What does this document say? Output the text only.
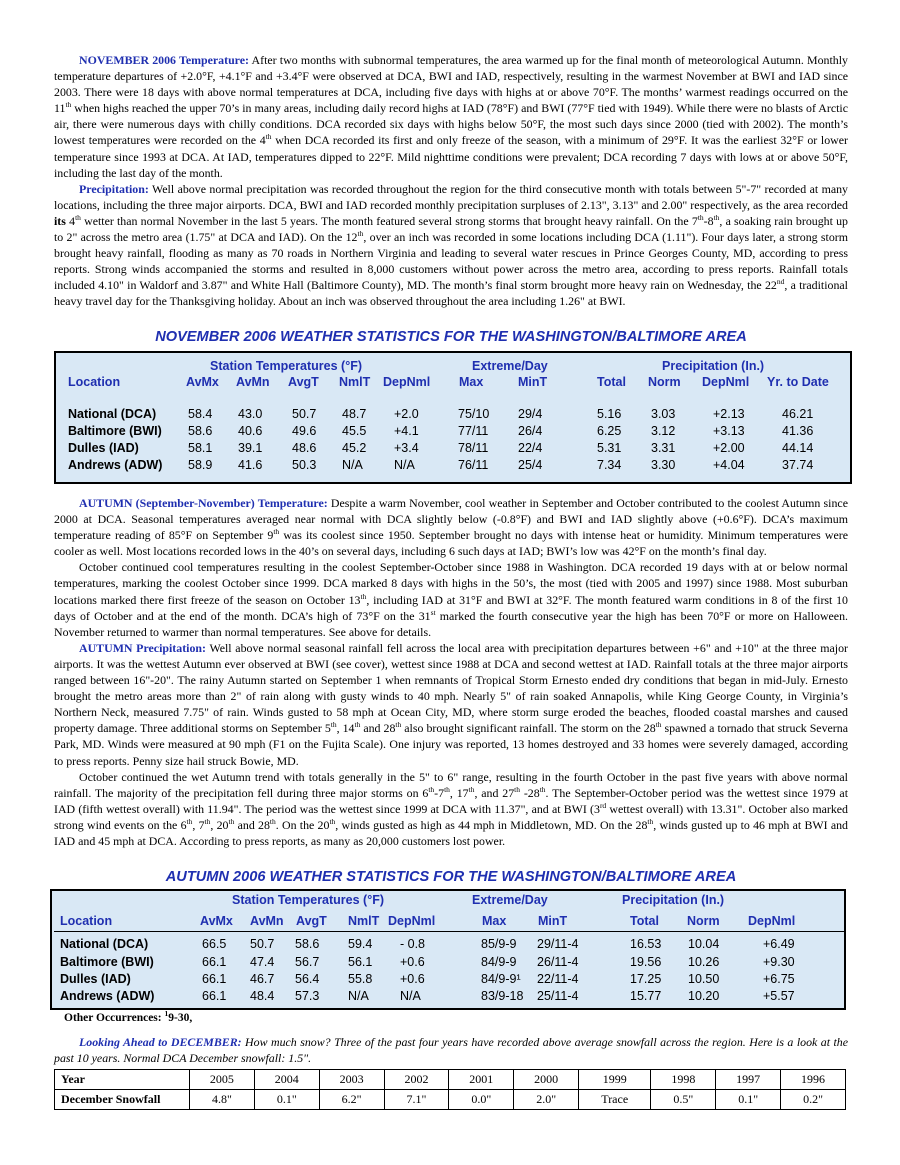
NOVEMBER 2006 Temperature: After two months with subnormal temperatures, the area warmed up for the final month of meteorological Autumn. Monthly temperature departures of +2.0°F, +4.1°F and +3.4°F were observed at DCA, BWI and IAD, respectively, resulting in the warmest November at BWI and IAD since 2003. There were 18 days with above normal temperatures at DCA, including five days with highs at or above 70°F. The months’ warmest readings occurred on the 11th when highs reached the upper 70’s in many areas, including daily record highs at IAD (78°F) and BWI (77°F tied with 1949). While there were no blasts of Arctic air, there were numerous days with chilly conditions. DCA recorded six days with highs below 50°F, the most such days since 2000 (tied with 2002). The month’s lowest temperatures were recorded on the 4th when DCA recorded its first and only freeze of the season, with a minimum of 29°F. It was the earliest 32°F or lower temperature since 1993 at DCA. At IAD, temperatures dipped to 22°F. Mild nighttime conditions were prevalent; DCA recording 7 days with lows at or above 50°F, including the last day of the month.

Precipitation: Well above normal precipitation was recorded throughout the region for the third consecutive month with totals between 5"-7" recorded at many locations, including the three major airports. DCA, BWI and IAD recorded monthly precipitation surpluses of 2.13", 3.13" and 2.00" respectively, as the area recorded its 4th wetter than normal November in the last 5 years. The month featured several strong storms that brought heavy rainfall. On the 7th-8th, a soaking rain brought up to 2" across the metro area (1.75" at DCA and IAD). On the 12th, over an inch was recorded in some locations including DCA (1.11"). Four days later, a strong storm brought heavy rainfall, flooding as many as 70 roads in Northern Virginia and leading to several water rescues in Prince Georges County, MD, according to press reports. Strong winds accompanied the storms and resulted in 8,000 customers without power across the metro area, according to press reports. Rainfall totals included 4.10" in Waldorf and 3.87" and White Hall (Baltimore County), MD. The month’s final storm brought more heavy rain on Wednesday, the 22nd, a traditional heavy travel day for the Thanksgiving holiday. About an inch was observed throughout the area including 1.26" at BWI.

NOVEMBER 2006 WEATHER STATISTICS FOR THE WASHINGTON/BALTIMORE AREA
Station Temperatures (°F)	Extreme/Day	Precipitation (In.)
Location	AvMx AvMn AvgT NmlT DepNml Max	MinT	Total Norm DepNml Yr. to Date
National (DCA)	58.4 43.0 50.7 48.7 +2.0	75/10 29/4	5.16 3.03	+2.13	46.21
Baltimore (BWI) 58.6 40.6 49.6 45.5 +4.1	77/11 26/4	6.25 3.12	+3.13	41.36
Dulles (IAD)	58.1 39.1 48.6 45.2 +3.4	78/11 22/4	5.31 3.31	+2.00	44.14
Andrews (ADW) 58.9 41.6 50.3 N/A N/A	76/11 25/4	7.34 3.30	+4.04	37.74

AUTUMN (September-November) Temperature: Despite a warm November, cool weather in September and October contributed to the coolest Autumn since 2000 at DCA. Seasonal temperatures averaged near normal with DCA slightly below (-0.8°F) and BWI and IAD slightly above (+0.6°F). DCA’s maximum temperature reading of 85°F on September 9th was its coolest since 1950. September brought no days with intense heat or humidity. Minimum temperatures were cooler as well. Most locations recorded lows in the 40’s on several days, including 6 such days at IAD; BWI’s low was 42°F on the month’s final day.

October continued cool temperatures resulting in the coolest September-October since 1988 in Washington. DCA recorded 19 days with at or below normal temperatures, marking the coolest October since 1999. DCA marked 8 days with highs in the 50’s, the most (tied with 2005 and 1997) since 1988. Most suburban locations marked there first freeze of the season on October 13th, including IAD at 31°F and BWI at 32°F. The month featured warm conditions in 8 of the first 10 days of October and at the end of the month. DCA’s high of 73°F on the 31st marked the fourth consecutive year the high has been 70°F or more on Halloween. November returned to warmer than normal temperatures. See above for details.

AUTUMN Precipitation: Well above normal seasonal rainfall fell across the local area with precipitation departures between +6" and +10" at the three major airports. It was the wettest Autumn ever observed at BWI (see cover), wettest since 1988 at DCA and second wettest at IAD. Rainfall totals at the three major airports ranged between 16"-20". The rainy Autumn started on September 1 when remnants of Tropical Storm Ernesto ended dry conditions that began in mid-July. Ernesto brought the metro areas more than 2" of rain along with gusty winds to 40 mph. Nearly 5" of rain soaked Annapolis, while King George County, in Virginia’s Northern Neck, measured 7.75" of rain. Winds gusted to 58 mph at Ocean City, MD, where storm surge eroded the beaches, flooded coastal marshes and caused property damage. Three additional storms on September 5th, 14th and 28th also brought significant rainfall. The storm on the 28th spawned a tornado that struck Severna Park, MD. Winds were measured at 90 mph (F1 on the Fujita Scale). One injury was reported, 13 homes destroyed and 33 homes were severely damaged, according to press reports. Penny size hail struck Bowie, MD.

October continued the wet Autumn trend with totals generally in the 5" to 6" range, resulting in the fourth October in the past five years with above normal rainfall. The majority of the precipitation fell during three major storms on 6th-7th, 17th, and 27th -28th. The September-October period was the wettest since 1979 at IAD (fifth wettest overall) with 11.94". The period was the wettest since 1999 at DCA with 11.37", and at BWI (3rd wettest overall) with 13.31". October also marked strong wind events on the 6th, 7th, 20th and 28th. On the 20th, winds gusted as high as 44 mph in Middletown, MD. On the 28th, winds gusted up to 46 mph at BWI and IAD and 45 mph at DCA. According to press reports, as many as 20,000 customers lost power.

AUTUMN 2006 WEATHER STATISTICS FOR THE WASHINGTON/BALTIMORE AREA
Station Temperatures (°F)	Extreme/Day	Precipitation (In.)
Location	AvMx AvMn AvgT NmlT DepNml	Max	MinT	Total Norm DepNml
National (DCA)	66.5 50.7 58.6 59.4 - 0.8	85/9-9 29/11-4	16.53 10.04	+6.49
Baltimore (BWI)	66.1 47.4 56.7 56.1 +0.6	84/9-9 26/11-4	19.56 10.26	+9.30
Dulles (IAD)	66.1 46.7 56.4 55.8 +0.6	84/9-9¹ 22/11-4	17.25 10.50	+6.75
Andrews (ADW)	66.1 48.4 57.3 N/A N/A	83/9-18 25/11-4	15.77 10.20	+5.57
Other Occurrences: $^1$9-30,

Looking Ahead to DECEMBER: How much snow? Three of the past four years have recorded above average snowfall across the region. Here is a look at the past 10 years. Normal DCA December snowfall: 1.5".

Year	2005	2004	2003	2002	2001	2000	1999	1998	1997	1996
December Snowfall	4.8"	0.1"	6.2"	7.1"	0.0"	2.0"	Trace	0.5"	0.1"	0.2"
